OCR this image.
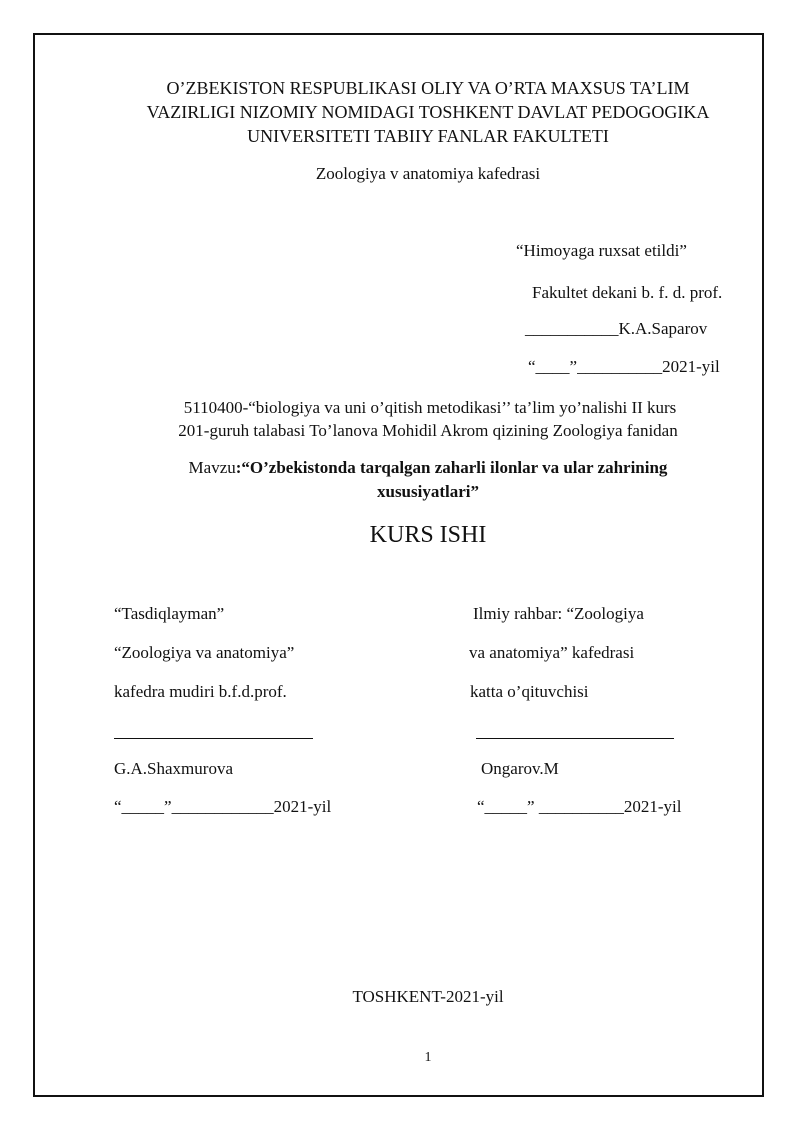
O’ZBEKISTON RESPUBLIKASI OLIY VA O’RTA MAXSUS TA’LIM
VAZIRLIGI NIZOMIY NOMIDAGI TOSHKENT DAVLAT PEDOGOGIKA
UNIVERSITETI TABIIY FANLAR FAKULTETI
Zoologiya v anatomiya kafedrasi
“Himoyaga ruxsat etildi”
Fakultet dekani b. f. d. prof.
___________K.A.Saparov
“____”__________2021-yil
5110400-“biologiya va uni o’qitish metodikasi’’ ta’lim yo’nalishi II kurs
201-guruh talabasi To’lanova Mohidil Akrom qizining Zoologiya fanidan
Mavzu:“O’zbekistonda tarqalgan zaharli ilonlar va ular zahrining
xususiyatlari”
KURS ISHI
“Tasdiqlayman”
“Zoologiya va anatomiya”
kafedra mudiri b.f.d.prof.
G.A.Shaxmurova
“_____”____________2021-yil
Ilmiy rahbar: “Zoologiya
va anatomiya” kafedrasi
katta o’qituvchisi
Ongarov.M
“_____” __________2021-yil
TOSHKENT-2021-yil
1
